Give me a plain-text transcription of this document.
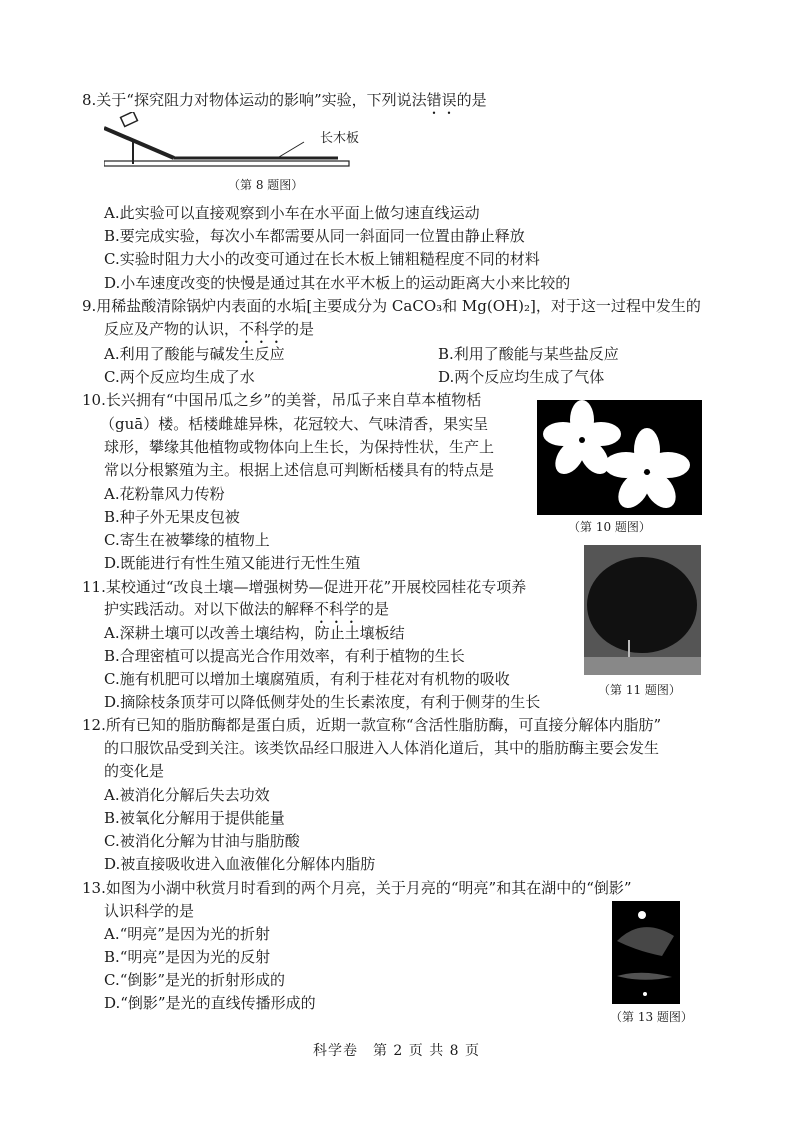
8.关于“探究阻力对物体运动的影响”实验，下列说法错误的是
长木板
（第 8 题图）
A.此实验可以直接观察到小车在水平面上做匀速直线运动
B.要完成实验，每次小车都需要从同一斜面同一位置由静止释放
C.实验时阻力大小的改变可通过在长木板上铺粗糙程度不同的材料
D.小车速度改变的快慢是通过其在水平木板上的运动距离大小来比较的
9.用稀盐酸清除锅炉内表面的水垢[主要成分为 CaCO₃和 Mg(OH)₂]，对于这一过程中发生的
反应及产物的认识，不科学的是
A.利用了酸能与碱发生反应	B.利用了酸能与某些盐反应
C.两个反应均生成了水	D.两个反应均生成了气体
10.长兴拥有“中国吊瓜之乡”的美誉，吊瓜子来自草本植物栝
（guā）楼。栝楼雌雄异株，花冠较大、气味清香，果实呈
球形，攀缘其他植物或物体向上生长，为保持性状，生产上
常以分根繁殖为主。根据上述信息可判断栝楼具有的特点是
A.花粉靠风力传粉
B.种子外无果皮包被
C.寄生在被攀缘的植物上
D.既能进行有性生殖又能进行无性生殖
（第 10 题图）
11.某校通过“改良土壤—增强树势—促进开花”开展校园桂花专项养
护实践活动。对以下做法的解释不科学的是
A.深耕土壤可以改善土壤结构，防止土壤板结
B.合理密植可以提高光合作用效率，有利于植物的生长
C.施有机肥可以增加土壤腐殖质，有利于桂花对有机物的吸收
D.摘除枝条顶芽可以降低侧芽处的生长素浓度，有利于侧芽的生长
（第 11 题图）
12.所有已知的脂肪酶都是蛋白质，近期一款宣称“含活性脂肪酶，可直接分解体内脂肪”
的口服饮品受到关注。该类饮品经口服进入人体消化道后，其中的脂肪酶主要会发生
的变化是
A.被消化分解后失去功效
B.被氧化分解用于提供能量
C.被消化分解为甘油与脂肪酸
D.被直接吸收进入血液催化分解体内脂肪
13.如图为小湖中秋赏月时看到的两个月亮，关于月亮的“明亮”和其在湖中的“倒影”
认识科学的是
A.“明亮”是因为光的折射
B.“明亮”是因为光的反射
C.“倒影”是光的折射形成的
D.“倒影”是光的直线传播形成的
（第 13 题图）
科学卷　第 2 页 共 8 页
